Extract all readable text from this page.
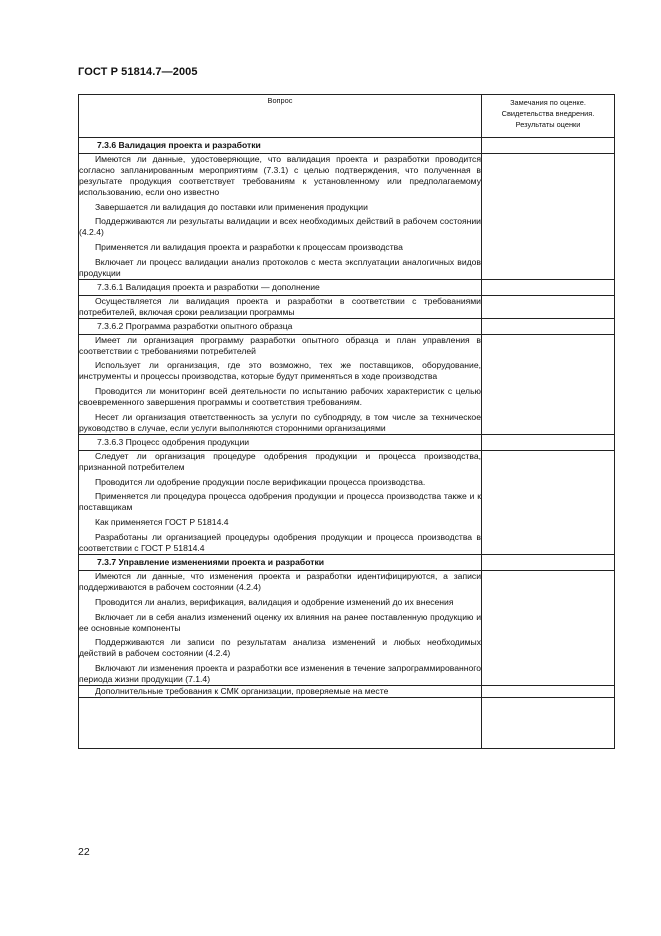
ГОСТ Р 51814.7—2005
Вопрос	Замечания по оценке.
Свидетельства внедрения.
Результаты оценки

7.3.6 Валидация проекта и разработки	

Имеются ли данные, удостоверяющие, что валидация проекта и разработки проводится согласно запланированным мероприятиям (7.3.1) с целью подтверждения, что полученная в результате продукция соответствует требованиям к установленному или предполагаемому использованию, если оно известно

Завершается ли валидация до поставки или применения продукции

Поддерживаются ли результаты валидации и всех необходимых действий в рабочем состоянии (4.2.4)

Применяется ли валидация проекта и разработки к процессам производства

Включает ли процесс валидации анализ протоколов с места эксплуатации аналогичных видов продукции	

7.3.6.1 Валидация проекта и разработки — дополнение	

Осуществляется ли валидация проекта и разработки в соответствии с требованиями потребителей, включая сроки реализации программы	

7.3.6.2 Программа разработки опытного образца	

Имеет ли организация программу разработки опытного образца и план управления в соответствии с требованиями потребителей

Использует ли организация, где это возможно, тех же поставщиков, оборудование, инструменты и процессы производства, которые будут применяться в ходе производства

Проводится ли мониторинг всей деятельности по испытанию рабочих характеристик с целью своевременного завершения программы и соответствия требованиям.

Несет ли организация ответственность за услуги по субподряду, в том числе за техническое руководство в случае, если услуги выполняются сторонними организациями	

7.3.6.3 Процесс одобрения продукции	

Следует ли организация процедуре одобрения продукции и процесса производства, признанной потребителем

Проводится ли одобрение продукции после верификации процесса производства.

Применяется ли процедура процесса одобрения продукции и процесса производства также и к поставщикам

Как применяется ГОСТ Р 51814.4

Разработаны ли организацией процедуры одобрения продукции и процесса производства в соответствии с ГОСТ Р 51814.4	

7.3.7 Управление изменениями проекта и разработки	

Имеются ли данные, что изменения проекта и разработки идентифицируются, а записи поддерживаются в рабочем состоянии (4.2.4)

Проводится ли анализ, верификация, валидация и одобрение изменений до их внесения

Включает ли в себя анализ изменений оценку их влияния на ранее поставленную продукцию и ее основные компоненты

Поддерживаются ли записи по результатам анализа изменений и любых необходимых действий в рабочем состоянии (4.2.4)

Включают ли изменения проекта и разработки все изменения в течение запрограммированного периода жизни продукции (7.1.4)	

Дополнительные требования к СМК организации, проверяемые на месте	

22
